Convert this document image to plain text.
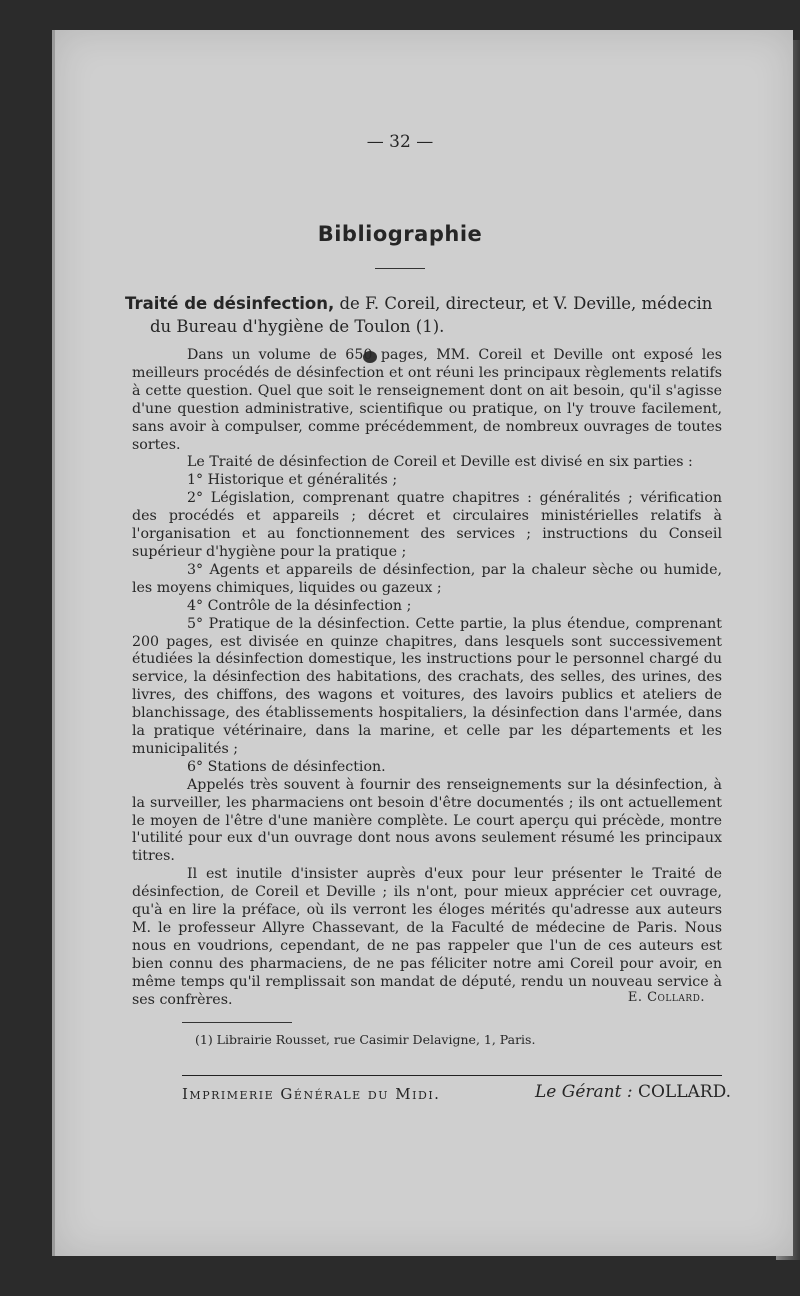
— 32 —
Bibliographie
Traité de désinfection, de F. Coreil, directeur, et V. Deville, médecin
du Bureau d'hygiène de Toulon (1).

Dans un volume de 650 pages, MM. Coreil et Deville ont exposé les meilleurs procédés de désinfection et ont réuni les principaux règlements relatifs à cette question. Quel que soit le renseignement dont on ait besoin, qu'il s'agisse d'une question administrative, scientifique ou pratique, on l'y trouve facilement, sans avoir à compulser, comme précédemment, de nombreux ouvrages de toutes sortes.

Le Traité de désinfection de Coreil et Deville est divisé en six parties :

1° Historique et généralités ;

2° Législation, comprenant quatre chapitres : généralités ; vérification des procédés et appareils ; décret et circulaires ministérielles relatifs à l'organisation et au fonctionnement des services ; instructions du Conseil supérieur d'hygiène pour la pratique ;

3° Agents et appareils de désinfection, par la chaleur sèche ou humide, les moyens chimiques, liquides ou gazeux ;

4° Contrôle de la désinfection ;

5° Pratique de la désinfection. Cette partie, la plus étendue, comprenant 200 pages, est divisée en quinze chapitres, dans lesquels sont successivement étudiées la désinfection domestique, les instructions pour le personnel chargé du service, la désinfection des habitations, des crachats, des selles, des urines, des livres, des chiffons, des wagons et voitures, des lavoirs publics et ateliers de blanchissage, des établissements hospitaliers, la désinfection dans l'armée, dans la pratique vétérinaire, dans la marine, et celle par les départements et les municipalités ;

6° Stations de désinfection.

Appelés très souvent à fournir des renseignements sur la désinfection, à la surveiller, les pharmaciens ont besoin d'être documentés ; ils ont actuellement le moyen de l'être d'une manière complète. Le court aperçu qui précède, montre l'utilité pour eux d'un ouvrage dont nous avons seulement résumé les principaux titres.

Il est inutile d'insister auprès d'eux pour leur présenter le Traité de désinfection, de Coreil et Deville ; ils n'ont, pour mieux apprécier cet ouvrage, qu'à en lire la préface, où ils verront les éloges mérités qu'adresse aux auteurs M. le professeur Allyre Chassevant, de la Faculté de médecine de Paris. Nous nous en voudrions, cependant, de ne pas rappeler que l'un de ces auteurs est bien connu des pharmaciens, de ne pas féliciter notre ami Coreil pour avoir, en même temps qu'il remplissait son mandat de député, rendu un nouveau service à ses confrères.	E. Collard.
(1) Librairie Rousset, rue Casimir Delavigne, 1, Paris.
Imprimerie Générale du Midi.	Le Gérant : COLLARD.
